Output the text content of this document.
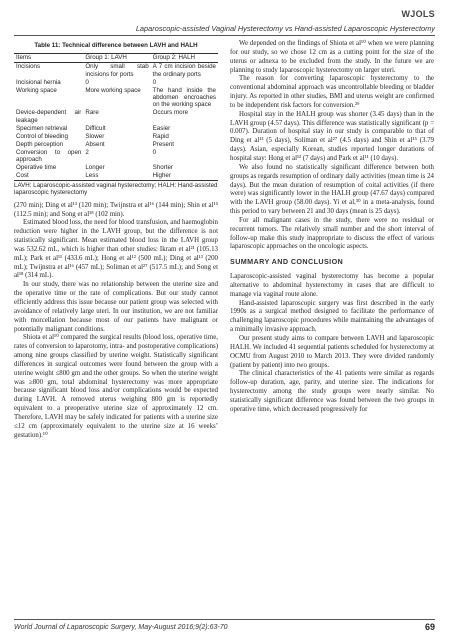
WJOLS
Laparoscopic-assisted Vaginal Hysterectomy vs Hand-assisted Laparoscopic Hysterectomy
Table 11: Technical difference between LAVH and HALH
Items	Group 1: LAVH	Group 2: HALH
Incisions	Only small stab incisions for ports	A 7 cm incision beside the ordinary ports
Incisional hernia	0	0
Working space	More working space	The hand inside the abdomen encroaches on the working space
Device-dependent air leakage	Rare	Occurs more
Specimen retrieval	Difficult	Easier
Control of bleeding	Slower	Rapid
Depth perception	Absent	Present
Conversion to open approach	2	0
Operative time	Longer	Shorter
Cost	Less	Higher
LAVH: Laparoscopic-assisted vaginal hysterectomy; HALH: Hand-assisted laparoscopic hysterectomy

(270 min); Ding et al¹³ (120 min); Twijnstra et al¹⁶ (144 min); Shin et al¹⁵ (112.5 min); and Song et al¹⁸ (102 min).

Estimated blood loss, the need for blood transfusion, and haemoglobin reduction were higher in the LAVH group, but the difference is not statistically significant. Mean estimated blood loss in the LAVH group was 532.62 mL, which is higher than other studies: Ikram et al²¹ (105.13 mL); Park et al¹¹ (433.6 mL); Hong et al¹² (500 mL); Ding et al¹³ (200 mL); Twijnstra et al¹⁶ (457 mL); Soliman et al²⁷ (517.5 mL); and Song et al¹⁸ (314 mL).

In our study, there was no relationship between the uterine size and the operative time or the rate of complications. But our study cannot efficiently address this issue because our patient group was selected with avoidance of relatively large uteri. In our institution, we are not familiar with morcellation because most of our patients have malignant or potentially malignant conditions.

Shiota et al¹⁰ compared the surgical results (blood loss, operative time, rates of conversion to laparotomy, intra- and postoperative complications) among nine groups classified by uterine weight. Statistically significant differences in surgical outcomes were found between the group with a uterine weight ≤800 gm and the other groups. So when the uterine weight was ≥800 gm, total abdominal hysterectomy was more appropriate because significant blood loss and/or complications would be expected during LAVH. A removed uterus weighing 800 gm is reportedly equivalent to a preoperative uterine size of approximately 12 cm. Therefore, LAVH may be safely indicated for patients with a uterine size ≤12 cm (approximately equivalent to the uterine size at 16 weeks’ gestation).¹⁰

We depended on the findings of Shiota et al¹⁰ when we were planning for our study, so we chose 12 cm as a cutting point for the size of the uterus or adnexa to be excluded from the study. In the future we are planning to study laparoscopic hysterectomy on larger uteri.

The reason for converting laparoscopic hysterectomy to the conventional abdominal approach was uncontrollable bleeding or bladder injury. As reported in other studies, BMI and uterus weight are confirmed to be independent risk factors for conversion.²⁹

Hospital stay in the HALH group was shorter (3.45 days) than in the LAVH group (4.57 days). This difference was statistically significant (p = 0.007). Duration of hospital stay in our study is comparable to that of Ding et al¹³ (5 days), Soliman et al²⁷ (4.5 days) and Shin et al¹⁵ (3.79 days). Asian, especially Korean, studies reported longer durations of hospital stay: Hong et al¹² (7 days) and Park et al¹¹ (10 days).

We also found no statistically significant difference between both groups as regards resumption of ordinary daily activities (mean time is 24 days). But the mean duration of resumption of coital activities (if there were) was significantly lower in the HALH group (47.67 days) compared with the LAVH group (58.00 days). Yi et al,³⁰ in a meta-analysis, found this period to vary between 21 and 30 days (mean is 25 days).

For all malignant cases in the study, there were no residual or recurrent tumors. The relatively small number and the short interval of follow-up make this study inappropriate to discuss the effect of various laparoscopic approaches on the oncologic aspects.

SUMMARY AND CONCLUSION

Laparoscopic-assisted vaginal hysterectomy has become a popular alternative to abdominal hysterectomy in cases that are difficult to manage via vaginal route alone.

Hand-assisted laparoscopic surgery was first described in the early 1990s as a surgical method designed to facilitate the performance of challenging laparoscopic procedures while maintaining the advantages of a minimally invasive approach.

Our present study aims to compare between LAVH and laparoscopic HALH. We included 41 sequential patients scheduled for hysterectomy at OCMU from August 2010 to March 2013. They were divided randomly (patient by patient) into two groups.

The clinical characteristics of the 41 patients were similar as regards follow-up duration, age, parity, and uterine size. The indications for hysterectomy among the study groups were nearly similar. No statistically significant difference was found between the two groups in operative time, which decreased progressively for

World Journal of Laparoscopic Surgery, May-August 2016;9(2):63-70	69
